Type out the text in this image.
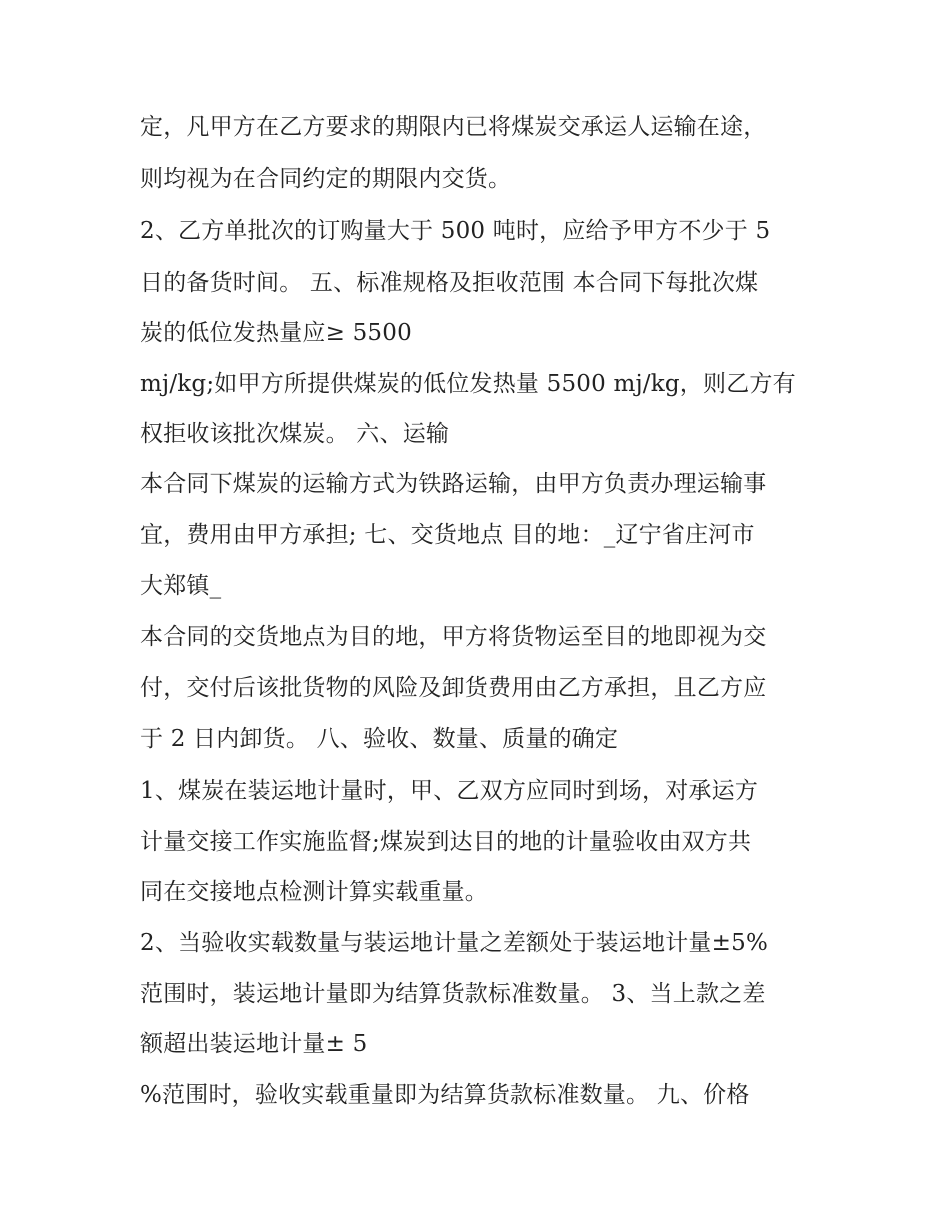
定，凡甲方在乙方要求的期限内已将煤炭交承运人运输在途，
则均视为在合同约定的期限内交货。
2、乙方单批次的订购量大于 500 吨时，应给予甲方不少于 5
日的备货时间。 五、标准规格及拒收范围 本合同下每批次煤
炭的低位发热量应≥ 5500
mj/kg;如甲方所提供煤炭的低位发热量 5500 mj/kg，则乙方有
权拒收该批次煤炭。 六、运输
本合同下煤炭的运输方式为铁路运输，由甲方负责办理运输事
宜，费用由甲方承担; 七、交货地点 目的地：_辽宁省庄河市
大郑镇_
本合同的交货地点为目的地，甲方将货物运至目的地即视为交
付，交付后该批货物的风险及卸货费用由乙方承担，且乙方应
于 2 日内卸货。 八、验收、数量、质量的确定
1、煤炭在装运地计量时，甲、乙双方应同时到场，对承运方
计量交接工作实施监督;煤炭到达目的地的计量验收由双方共
同在交接地点检测计算实载重量。
2、当验收实载数量与装运地计量之差额处于装运地计量±5%
范围时，装运地计量即为结算货款标准数量。 3、当上款之差
额超出装运地计量± 5
%范围时，验收实载重量即为结算货款标准数量。 九、价格
